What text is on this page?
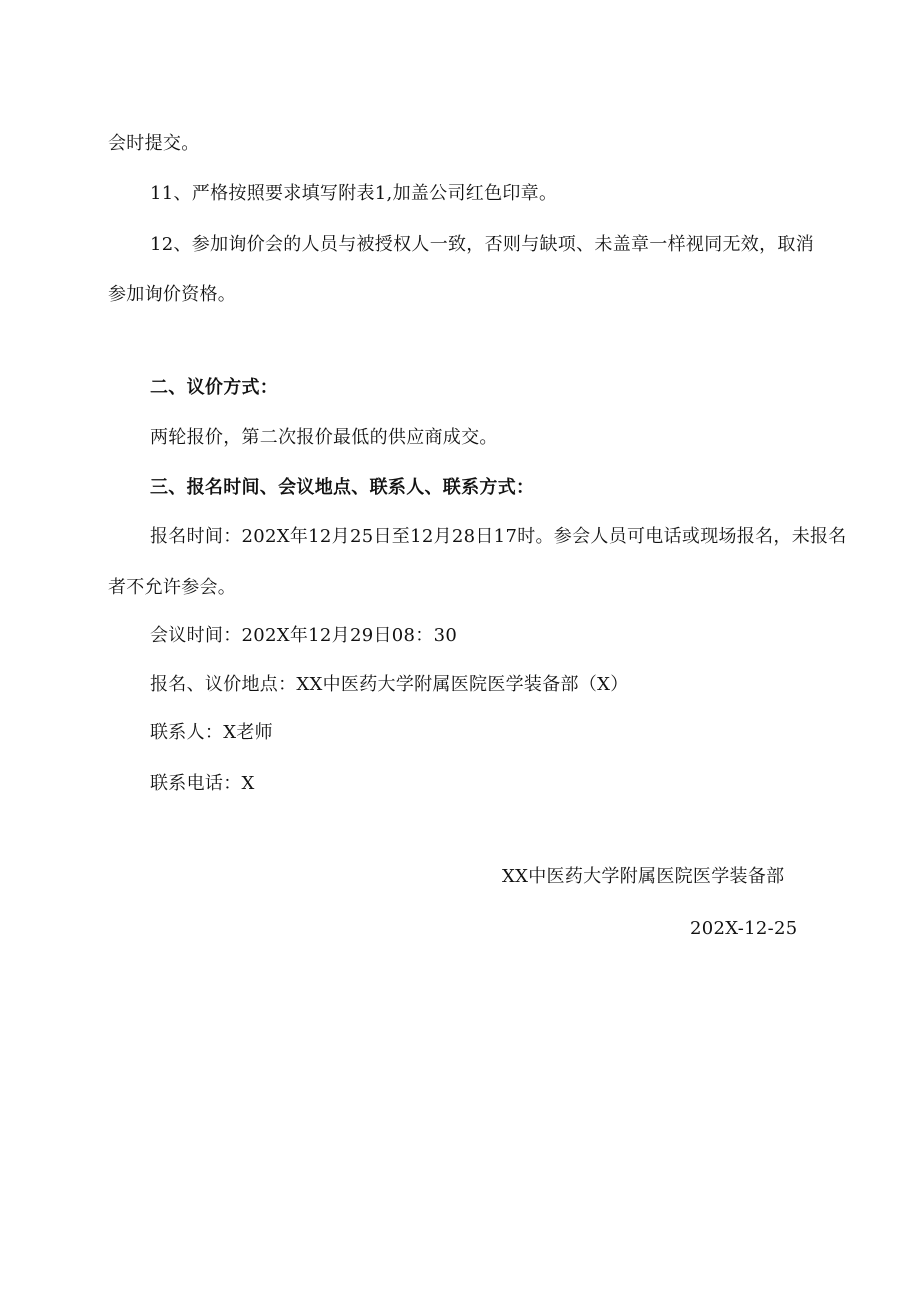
会时提交。
11、严格按照要求填写附表1,加盖公司红色印章。
12、参加询价会的人员与被授权人一致，否则与缺项、未盖章一样视同无效，取消
参加询价资格。
二、议价方式：
两轮报价，第二次报价最低的供应商成交。
三、报名时间、会议地点、联系人、联系方式：
报名时间：202X年12月25日至12月28日17时。参会人员可电话或现场报名，未报名
者不允许参会。
会议时间：202X年12月29日08：30
报名、议价地点：XX中医药大学附属医院医学装备部（X）
联系人：X老师
联系电话：X
XX中医药大学附属医院医学装备部
202X-12-25
